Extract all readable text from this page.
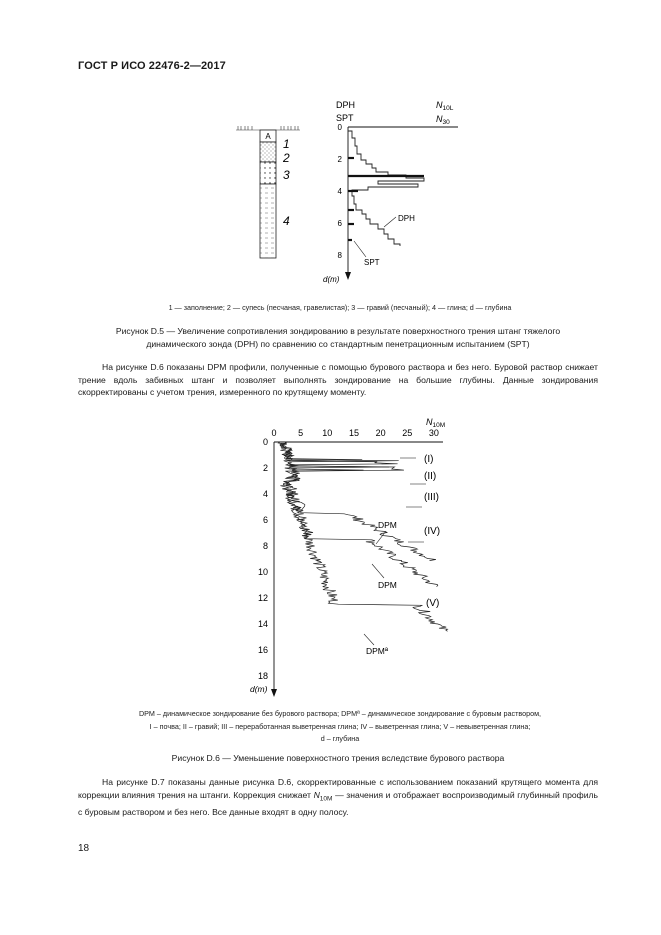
ГОСТ Р ИСО 22476-2—2017
A
1
2
3
4
DPH
SPT
$N_{10L}$
$N_{30}$
0
2
4
6
8
d(m)
DPH
SPT
1 — заполнение; 2 — супесь (песчаная, гравелистая); 3 — гравий (песчаный); 4 — глина; d — глубина
Рисунок D.5 — Увеличение сопротивления зондированию в результате поверхностного трения штанг тяжелого
динамического зонда (DPH) по сравнению со стандартным пенетрационным испытанием (SPT)

На рисунке D.6 показаны DPM профили, полученные с помощью бурового раствора и без него. Буровой раствор снижает трение вдоль забивных штанг и позволяет выполнять зондирование на большие глубины. Данные зондирования скорректированы с учетом трения, измеренного по крутящему моменту.

$N_{10M}$
0 5 10 15 20 25 30
0
2
4
6
8
10
12
14
16
18
d(m)
(I)
(II)
(III)
(IV)
(V)
DPM
DPM
DPMª
DPM – динамическое зондирование без бурового раствора; DPMª – динамическое зондирование с буровым раствором,
I – почва; II – гравий; III – переработанная выветренная глина; IV – выветренная глина; V – невыветренная глина;
d – глубина
Рисунок D.6 — Уменьшение поверхностного трения вследствие бурового раствора

На рисунке D.7 показаны данные рисунка D.6, скорректированные с использованием показаний крутящего момента для коррекции влияния трения на штанги. Коррекция снижает $N_{10M}$ — значения и отображает воспроизводимый глубинный профиль с буровым раствором и без него. Все данные входят в одну полосу.

18
